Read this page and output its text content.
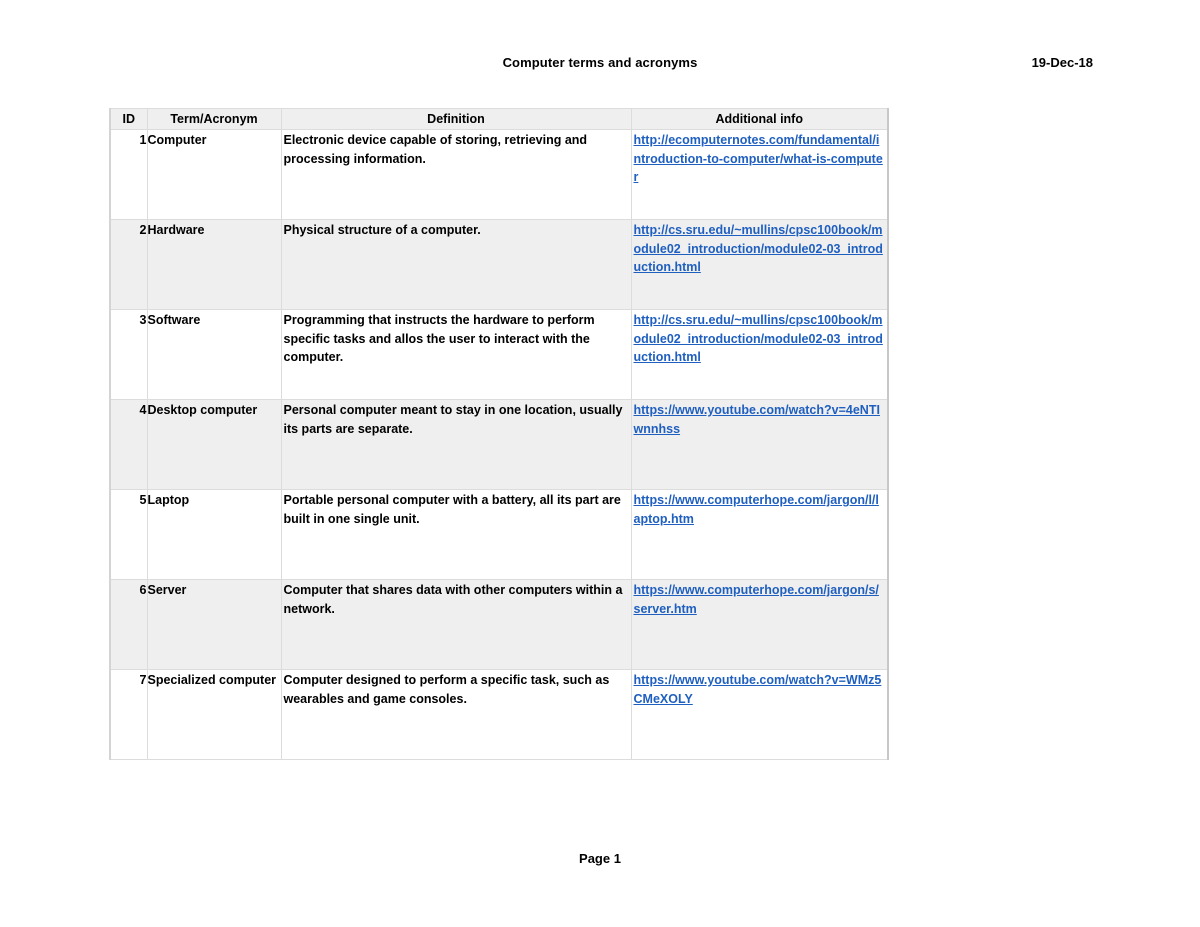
Computer terms and acronyms	19-Dec-18
ID	Term/Acronym	Definition	Additional info
1	Computer	Electronic device capable of storing, retrieving and processing information.	http://ecomputernotes.com/fundamental/introduction-to-computer/what-is-computer
2	Hardware	Physical structure of a computer.	http://cs.sru.edu/~mullins/cpsc100book/module02_introduction/module02-03_introduction.html
3	Software	Programming that instructs the hardware to perform specific tasks and allos the user to interact with the computer.	http://cs.sru.edu/~mullins/cpsc100book/module02_introduction/module02-03_introduction.html
4	Desktop computer	Personal computer meant to stay in one location, usually its parts are separate.	https://www.youtube.com/watch?v=4eNTIwnnhss
5	Laptop	Portable personal computer with a battery, all its part are built in one single unit.	https://www.computerhope.com/jargon/l/laptop.htm
6	Server	Computer that shares data with other computers within a network.	https://www.computerhope.com/jargon/s/server.htm
7	Specialized computer	Computer designed to perform a specific task, such as wearables and game consoles.	https://www.youtube.com/watch?v=WMz5CMeXOLY
Page 1
